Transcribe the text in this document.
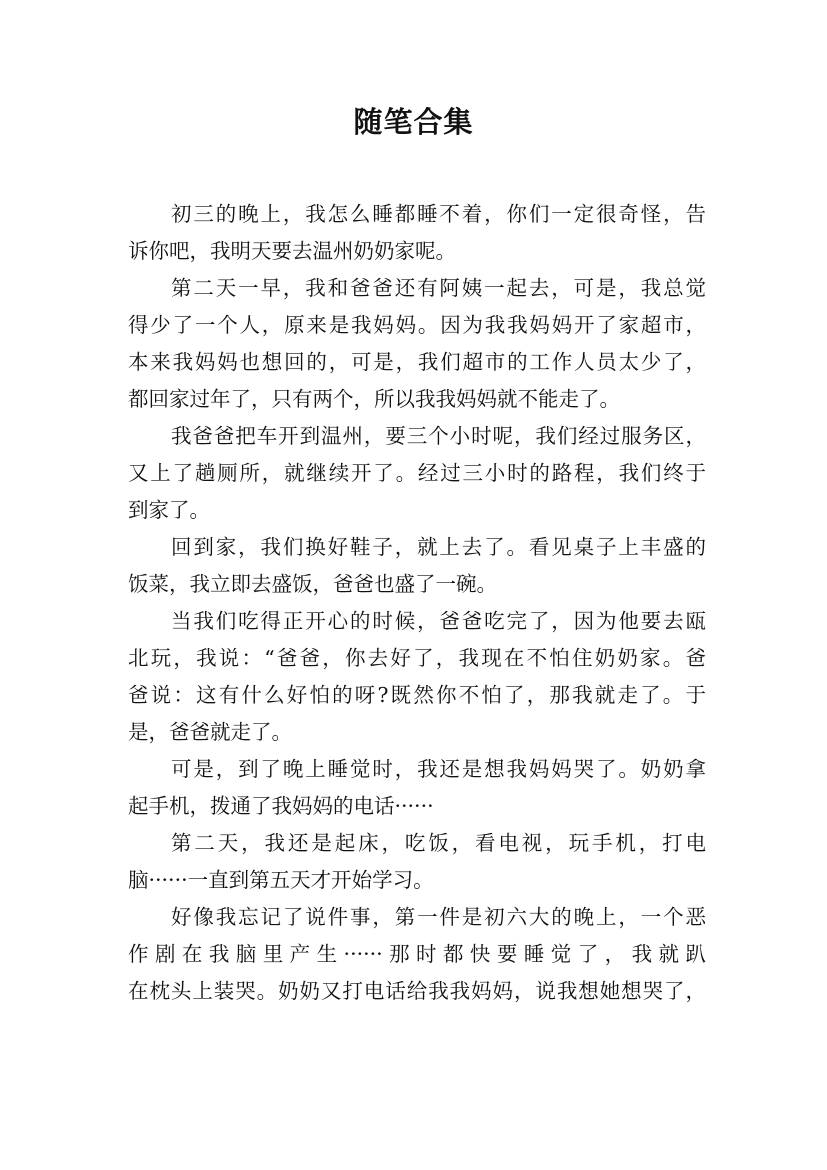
随笔合集
初三的晚上，我怎么睡都睡不着，你们一定很奇怪，告
诉你吧，我明天要去温州奶奶家呢。
第二天一早，我和爸爸还有阿姨一起去，可是，我总觉
得少了一个人，原来是我妈妈。因为我我妈妈开了家超市，
本来我妈妈也想回的，可是，我们超市的工作人员太少了，
都回家过年了，只有两个，所以我我妈妈就不能走了。
我爸爸把车开到温州，要三个小时呢，我们经过服务区，
又上了趟厕所，就继续开了。经过三小时的路程，我们终于
到家了。
回到家，我们换好鞋子，就上去了。看见桌子上丰盛的
饭菜，我立即去盛饭，爸爸也盛了一碗。
当我们吃得正开心的时候，爸爸吃完了，因为他要去瓯
北玩，我说：“爸爸，你去好了，我现在不怕住奶奶家。爸
爸说：这有什么好怕的呀?既然你不怕了，那我就走了。于
是，爸爸就走了。
可是，到了晚上睡觉时，我还是想我妈妈哭了。奶奶拿
起手机，拨通了我妈妈的电话······
第二天，我还是起床，吃饭，看电视，玩手机，打电
脑······一直到第五天才开始学习。
好像我忘记了说件事，第一件是初六大的晚上，一个恶
作剧在我脑里产生······那时都快要睡觉了，我就趴
在枕头上装哭。奶奶又打电话给我我妈妈，说我想她想哭了，
